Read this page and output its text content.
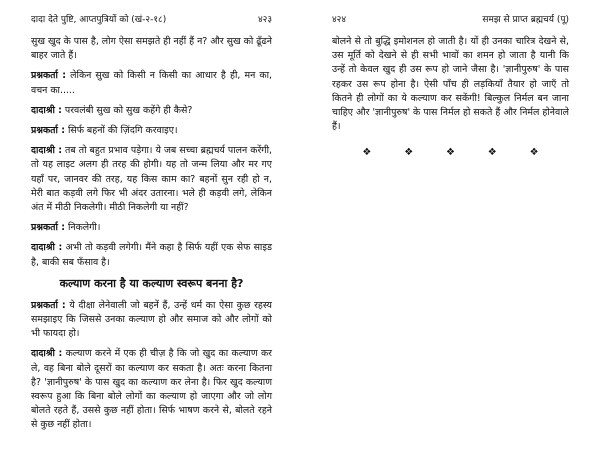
दादा देते पुष्टि, आप्तपुत्रियों को (खं-२-१८)	४२३

सुख खुद के पास है, लोग ऐसा समझते ही नहीं हैं न? और सुख को ढूँढने बाहर जाते हैं।

प्रश्नकर्ता : लेकिन सुख को किसी न किसी का आधार है ही, मन का, वचन का.....

दादाश्री : परवलंबी सुख को सुख कहेंगे ही कैसे?

प्रश्नकर्ता : सिर्फ बहनों की ज़िंदगि करवाइए।

दादाश्री : तब तो बहुत प्रभाव पड़ेगा। ये जब सच्चा ब्रह्मचर्य पालन करेंगी, तो यह लाइट अलग ही तरह की होगी। यह तो जन्म लिया और मर गए यहाँ पर, जानवर की तरह, यह किस काम का? बहनों सुन रही हो न, मेरी बात कड़वी लगे फिर भी अंदर उतारना। भले ही कड़वी लगे, लेकिन अंत में मीठी निकलेगी। मीठी निकलेगी या नहीं?

प्रश्नकर्ता : निकलेगी।

दादाश्री : अभी तो कड़वी लगेगी। मैंने कहा है सिर्फ यहीं एक सेफ साइड है, बाकी सब फँसाव है।

कल्याण करना है या कल्याण स्वरूप बनना है?

प्रश्नकर्ता : ये दीक्षा लेनेवाली जो बहनें हैं, उन्हें धर्म का ऐसा कुछ रहस्य समझाइए कि जिससे उनका कल्याण हो और समाज को और लोगों को भी फायदा हो।

दादाश्री : कल्याण करने में एक ही चीज़ है कि जो खुद का कल्याण कर ले, वह बिना बोले दूसरों का कल्याण कर सकता है। अतः करना कितना है? 'ज्ञानीपुरुष' के पास खुद का कल्याण कर लेना है। फिर खुद कल्याण स्वरूप हुआ कि बिना बोले लोगों का कल्याण हो जाएगा और जो लोग बोलते रहते हैं, उससे कुछ नहीं होता। सिर्फ भाषण करने से, बोलते रहने से कुछ नहीं होता।

४२४	समझ से प्राप्त ब्रह्मचर्य (पू)

बोलने से तो बुद्धि इमोशनल हो जाती है। यों ही उनका चारित्र देखने से, उस मूर्ति को देखने से ही सभी भावों का शमन हो जाता है यानी कि उन्हें तो केवल खुद ही उस रूप हो जाने जैसा है। 'ज्ञानीपुरुष' के पास रहकर उस रूप होना है। ऐसी पाँच ही लड़कियाँ तैयार हो जाएँ तो कितने ही लोगों का ये कल्याण कर सकेंगी! बिल्कुल निर्मल बन जाना चाहिए और 'ज्ञानीपुरुष' के पास निर्मल हो सकते हैं और निर्मल होनेवाले हैं।

❖	❖	❖	❖	❖
